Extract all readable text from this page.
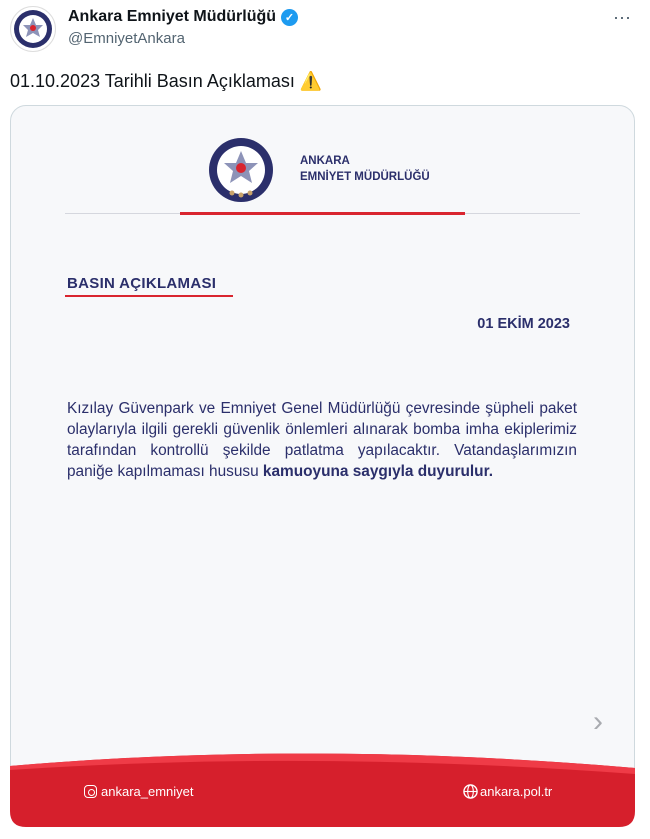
Ankara Emniyet Müdürlüğü ✓
@EmniyetAnkara
⋯
01.10.2023 Tarihli Basın Açıklaması ⚠️
ANKARA
EMNİYET MÜDÜRLÜĞÜ
BASIN AÇIKLAMASI
01 EKİM 2023
Kızılay Güvenpark ve Emniyet Genel Müdürlüğü çevresinde şüpheli paket olaylarıyla ilgili gerekli güvenlik önlemleri alınarak bomba imha ekiplerimiz tarafından kontrollü şekilde patlatma yapılacaktır. Vatandaşlarımızın paniğe kapılmaması hususu kamuoyuna saygıyla duyurulur.
›
ankara_emniyet	ankara.pol.tr
